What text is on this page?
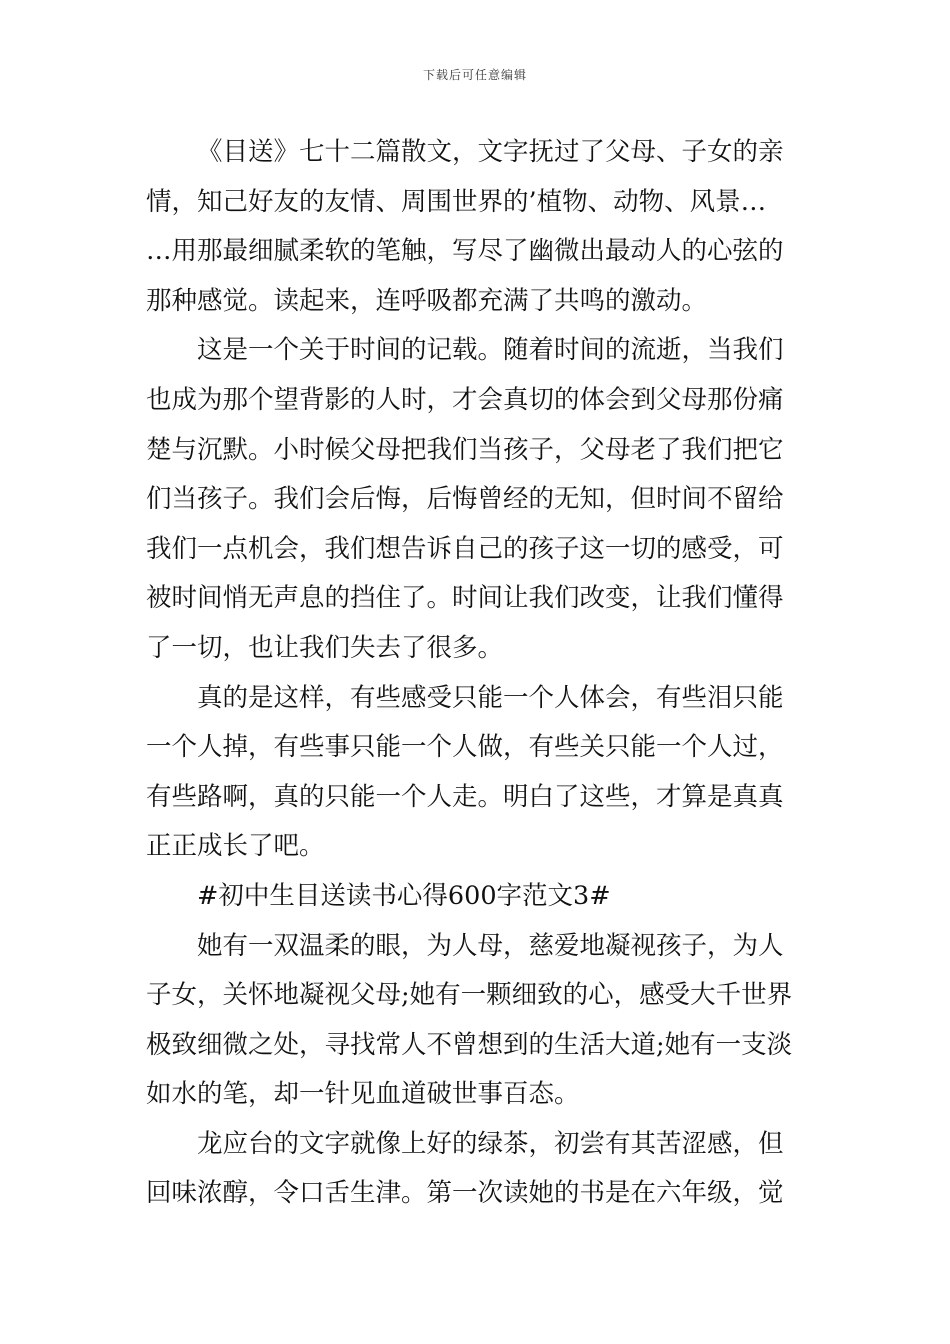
下载后可任意编辑
《目送》七十二篇散文，文字抚过了父母、子女的亲
情，知己好友的友情、周围世界的’植物、动物、风景…
…用那最细腻柔软的笔触，写尽了幽微出最动人的心弦的
那种感觉。读起来，连呼吸都充满了共鸣的激动。
这是一个关于时间的记载。随着时间的流逝，当我们
也成为那个望背影的人时，才会真切的体会到父母那份痛
楚与沉默。小时候父母把我们当孩子，父母老了我们把它
们当孩子。我们会后悔，后悔曾经的无知，但时间不留给
我们一点机会，我们想告诉自己的孩子这一切的感受，可
被时间悄无声息的挡住了。时间让我们改变，让我们懂得
了一切，也让我们失去了很多。
真的是这样，有些感受只能一个人体会，有些泪只能
一个人掉，有些事只能一个人做，有些关只能一个人过，
有些路啊，真的只能一个人走。明白了这些，才算是真真
正正成长了吧。
#初中生目送读书心得600字范文3#
她有一双温柔的眼，为人母，慈爱地凝视孩子，为人
子女，关怀地凝视父母;她有一颗细致的心，感受大千世界
极致细微之处，寻找常人不曾想到的生活大道;她有一支淡
如水的笔，却一针见血道破世事百态。
龙应台的文字就像上好的绿茶，初尝有其苦涩感，但
回味浓醇，令口舌生津。第一次读她的书是在六年级，觉
